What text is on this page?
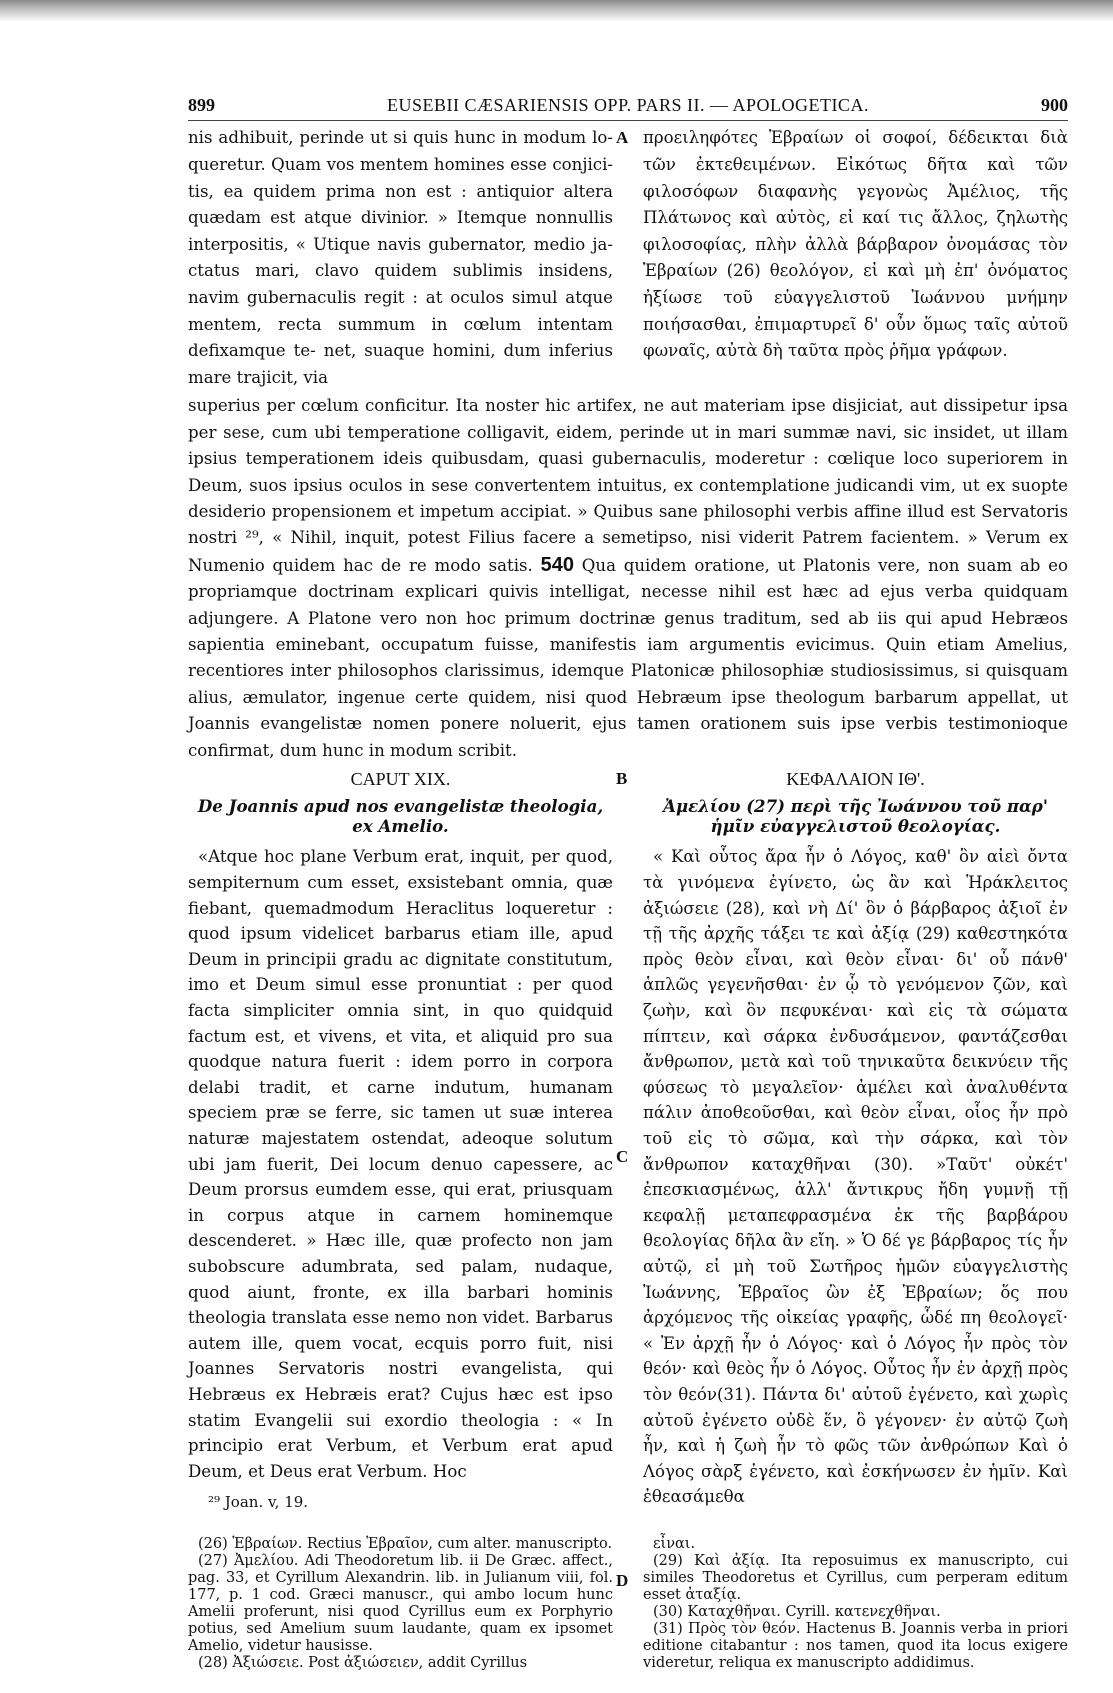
899	EUSEBII CÆSARIENSIS OPP. PARS II. — APOLOGETICA.	900
nis adhibuit, perinde ut si quis hunc in modum lo- queretur. Quam vos mentem homines esse conjici- tis, ea quidem prima non est : antiquior altera quædam est atque divinior. » Itemque nonnullis interpositis, « Utique navis gubernator, medio ja- ctatus mari, clavo quidem sublimis insidens, navim gubernaculis regit : at oculos simul atque mentem, recta summum in cœlum intentam defixamque te- net, suaque homini, dum inferius mare trajicit, via
A προειληφότες Ἑβραίων οἱ σοφοί, δέδεικται διὰ τῶν ἐκτεθειμένων. Εἰκότως δῆτα καὶ τῶν φιλοσόφων διαφανὴς γεγονὼς Ἀμέλιος, τῆς Πλάτωνος καὶ αὐτὸς, εἰ καί τις ἄλλος, ζηλωτὴς φιλοσοφίας, πλὴν ἀλλὰ βάρβαρον ὀνομάσας τὸν Ἑβραίων (26) θεολόγον, εἰ καὶ μὴ ἐπ' ὀνόματος ἠξίωσε τοῦ εὐαγγελιστοῦ Ἰωάννου μνήμην ποιήσασθαι, ἐπιμαρτυρεῖ δ' οὖν ὅμως ταῖς αὐτοῦ φωναῖς, αὐτὰ δὴ ταῦτα πρὸς ῥῆμα γράφων.
superius per cœlum conficitur. Ita noster hic artifex, ne aut materiam ipse disjiciat, aut dissipetur ipsa per sese, cum ubi temperatione colligavit, eidem, perinde ut in mari summæ navi, sic insidet, ut illam ipsius temperationem ideis quibusdam, quasi gubernaculis, moderetur : cœlique loco superiorem in Deum, suos ipsius oculos in sese convertentem intuitus, ex contemplatione judicandi vim, ut ex suopte desiderio propensionem et impetum accipiat. » Quibus sane philosophi verbis affine illud est Servatoris nostri ²⁹, « Nihil, inquit, potest Filius facere a semetipso, nisi viderit Patrem facientem. » Verum ex Numenio quidem hac de re modo satis. 540 Qua quidem oratione, ut Platonis vere, non suam ab eo propriamque doctrinam explicari quivis intelligat, necesse nihil est hæc ad ejus verba quidquam adjungere. A Platone vero non hoc primum doctrinæ genus traditum, sed ab iis qui apud Hebræos sapientia eminebant, occupatum fuisse, manifestis iam argumentis evicimus. Quin etiam Amelius, recentiores inter philosophos clarissimus, idemque Platonicæ philosophiæ studiosissimus, si quisquam alius, æmulator, ingenue certe quidem, nisi quod Hebræum ipse theologum barbarum appellat, ut Joannis evangelistæ nomen ponere noluerit, ejus tamen orationem suis ipse verbis testimonioque confirmat, dum hunc in modum scribit.
CAPUT XIX.	B	ΚΕΦΑΛΑΙΟΝ ΙΘ'.
De Joannis apud nos evangelistæ theologia, ex Amelio.
Ἀμελίου (27) περὶ τῆς Ἰωάννου τοῦ παρ' ἡμῖν εὐαγγελιστοῦ θεολογίας.

«Atque hoc plane Verbum erat, inquit, per quod, sempiternum cum esset, exsistebant omnia, quæ fiebant, quemadmodum Heraclitus loqueretur : quod ipsum videlicet barbarus etiam ille, apud Deum in principii gradu ac dignitate constitutum, imo et Deum simul esse pronuntiat : per quod facta simpliciter omnia sint, in quo quidquid factum est, et vivens, et vita, et aliquid pro sua quodque natura fuerit : idem porro in corpora delabi tradit, et carne indutum, humanam speciem præ se ferre, sic tamen ut suæ interea naturæ majestatem ostendat, adeoque solutum ubi jam fuerit, Dei locum denuo capessere, ac Deum prorsus eumdem esse, qui erat, priusquam in corpus atque in carnem hominemque descenderet. » Hæc ille, quæ profecto non jam subobscure adumbrata, sed palam, nudaque, quod aiunt, fronte, ex illa barbari hominis theologia translata esse nemo non videt. Barbarus autem ille, quem vocat, ecquis porro fuit, nisi Joannes Servatoris nostri evangelista, qui Hebræus ex Hebræis erat? Cujus hæc est ipso statim Evangelii sui exordio theologia : « In principio erat Verbum, et Verbum erat apud Deum, et Deus erat Verbum. Hoc

²⁹ Joan. v, 19.
C

« Καὶ οὗτος ἄρα ἦν ὁ Λόγος, καθ' ὃν αἰεὶ ὄντα τὰ γινόμενα ἐγίνετο, ὡς ἂν καὶ Ἡράκλειτος ἀξιώσειε (28), καὶ νὴ Δί' ὃν ὁ βάρβαρος ἀξιοῖ ἐν τῇ τῆς ἀρχῆς τάξει τε καὶ ἀξίᾳ (29) καθεστηκότα πρὸς θεὸν εἶναι, καὶ θεὸν εἶναι· δι' οὗ πάνθ' ἁπλῶς γεγενῆσθαι· ἐν ᾧ τὸ γενόμενον ζῶν, καὶ ζωὴν, καὶ ὂν πεφυκέναι· καὶ εἰς τὰ σώματα πίπτειν, καὶ σάρκα ἐνδυσάμενον, φαντάζεσθαι ἄνθρωπον, μετὰ καὶ τοῦ τηνικαῦτα δεικνύειν τῆς φύσεως τὸ μεγαλεῖον· ἀμέλει καὶ ἀναλυθέντα πάλιν ἀποθεοῦσθαι, καὶ θεὸν εἶναι, οἷος ἦν πρὸ τοῦ εἰς τὸ σῶμα, καὶ τὴν σάρκα, καὶ τὸν ἄνθρωπον καταχθῆναι (30). »Ταῦτ' οὐκέτ' ἐπεσκιασμένως, ἀλλ' ἄντικρυς ἤδη γυμνῇ τῇ κεφαλῇ μεταπεφρασμένα ἐκ τῆς βαρβάρου θεολογίας δῆλα ἂν εἴη. » Ὁ δέ γε βάρβαρος τίς ἦν αὐτῷ, εἰ μὴ τοῦ Σωτῆρος ἡμῶν εὐαγγελιστὴς Ἰωάννης, Ἑβραῖος ὢν ἐξ Ἑβραίων; ὅς που ἀρχόμενος τῆς οἰκείας γραφῆς, ὧδέ πη θεολογεῖ· « Ἐν ἀρχῇ ἦν ὁ Λόγος· καὶ ὁ Λόγος ἦν πρὸς τὸν θεόν· καὶ θεὸς ἦν ὁ Λόγος. Οὗτος ἦν ἐν ἀρχῇ πρὸς τὸν θεόν(31). Πάντα δι' αὐτοῦ ἐγένετο, καὶ χωρὶς αὐτοῦ ἐγένετο οὐδὲ ἕν, ὃ γέγονεν· ἐν αὐτῷ ζωὴ ἦν, καὶ ἡ ζωὴ ἦν τὸ φῶς τῶν ἀνθρώπων Καὶ ὁ Λόγος σὰρξ ἐγένετο, καὶ ἐσκήνωσεν ἐν ἡμῖν. Καὶ ἐθεασάμεθα

(26) Ἑβραίων. Rectius Ἑβραῖον, cum alter. manuscripto.

(27) Ἀμελίου. Adi Theodoretum lib. ii De Græc. affect., pag. 33, et Cyrillum Alexandrin. lib. in Julianum viii, fol. 177, p. 1 cod. Græci manuscr., qui ambo locum hunc Amelii proferunt, nisi quod Cyrillus eum ex Porphyrio potius, sed Amelium suum laudante, quam ex ipsomet Amelio, videtur hausisse.

(28) Ἀξιώσειε. Post ἀξιώσειεν, addit Cyrillus

D

εἶναι.

(29) Καὶ ἀξίᾳ. Ita reposuimus ex manuscripto, cui similes Theodoretus et Cyrillus, cum perperam editum esset ἀταξίᾳ.

(30) Καταχθῆναι. Cyrill. κατενεχθῆναι.

(31) Πρὸς τὸν θεόν. Hactenus B. Joannis verba in priori editione citabantur : nos tamen, quod ita locus exigere videretur, reliqua ex manuscripto addidimus.
